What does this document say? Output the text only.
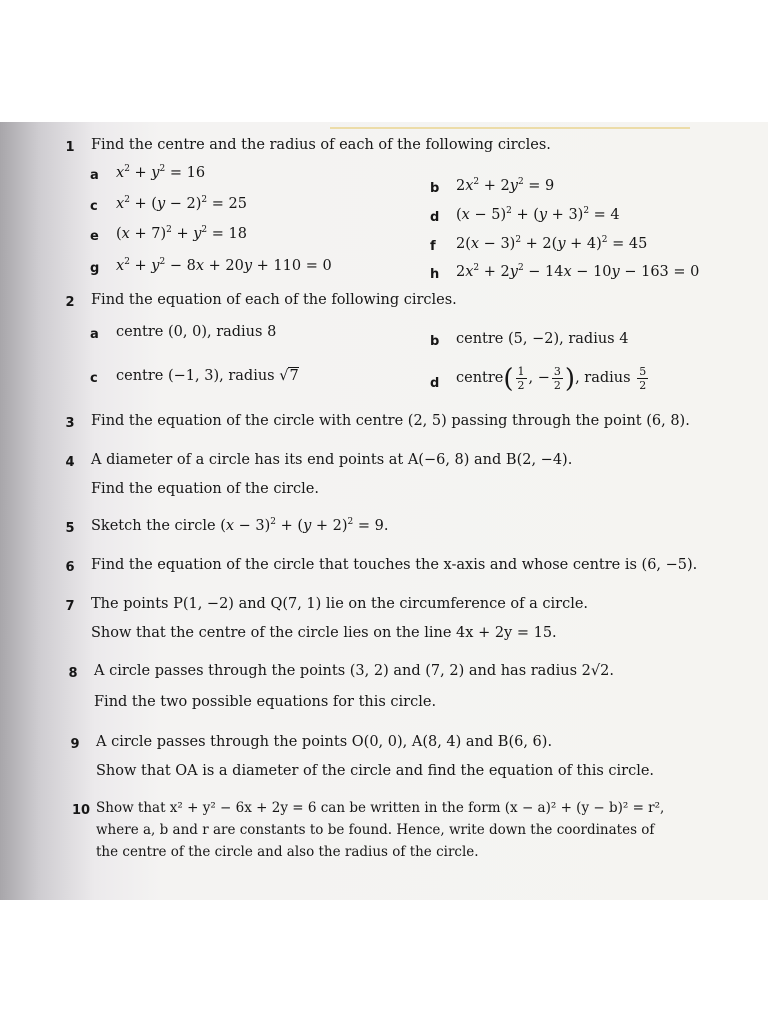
1	Find the centre and the radius of each of the following circles.
a $x^2 + y^2 = 16$
b $2x^2 + 2y^2 = 9$
c $x^2 + (y - 2)^2 = 25$
d $(x - 5)^2 + (y + 3)^2 = 4$
e $(x + 7)^2 + y^2 = 18$
f $2(x - 3)^2 + 2(y + 4)^2 = 45$
g $x^2 + y^2 - 8x + 20y + 110 = 0$
h $2x^2 + 2y^2 - 14x - 10y - 163 = 0$
2	Find the equation of each of the following circles.
a centre (0, 0), radius 8
b centre (5, −2), radius 4
c centre (−1, 3), radius √7	d centre( $\frac{1}{2}$ , − $\frac{3}{2}$ ), radius $\frac{5}{2}$
3	Find the equation of the circle with centre (2, 5) passing through the point (6, 8).
4	A diameter of a circle has its end points at A(−6, 8) and B(2, −4).
Find the equation of the circle.
5	Sketch the circle $(x - 3)^2 + (y + 2)^2 = 9$.
6	Find the equation of the circle that touches the x-axis and whose centre is (6, −5).
7	The points P(1, −2) and Q(7, 1) lie on the circumference of a circle.
Show that the centre of the circle lies on the line 4x + 2y = 15.
8	A circle passes through the points (3, 2) and (7, 2) and has radius 2√2.
Find the two possible equations for this circle.
9	A circle passes through the points O(0, 0), A(8, 4) and B(6, 6).
Show that OA is a diameter of the circle and find the equation of this circle.
10 Show that x² + y² − 6x + 2y = 6 can be written in the form (x − a)² + (y − b)² = r²,
where a, b and r are constants to be found. Hence, write down the coordinates of
the centre of the circle and also the radius of the circle.
